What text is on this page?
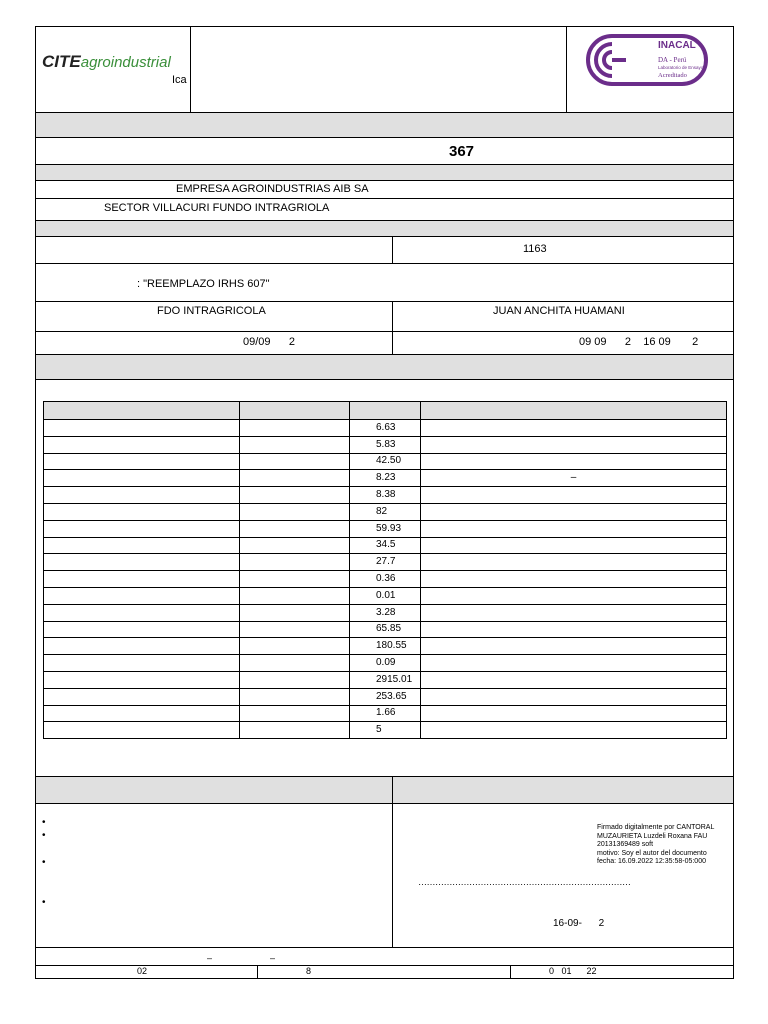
CITEagroindustrial
Ica
INACAL
DA - Perú
Laboratorio de Ensayo
Acreditado
367
EMPRESA AGROINDUSTRIAS AIB SA
SECTOR VILLACURI FUNDO INTRAGRIOLA
1163
: "REEMPLAZO IRHS 607"
FDO INTRAGRICOLA	JUAN ANCHITA HUAMANI
09/09      2	09 09      2    16 09       2

		6.63	
		5.83	
		42.50	
		8.23	–
		8.38	
		82	
		59.93	
		34.5	
		27.7	
		0.36	
		0.01	
		3.28	
		65.85	
		180.55	
		0.09	
		2915.01	
		253.65	
		1.66	
		5	
•
•
•
•
Firmado digitalmente por CANTORAL
MUZAURIETA Luzdeli Roxana FAU
20131369489 soft
motivo: Soy el autor del documento
fecha: 16.09.2022 12:35:58-05:000
…………………………………………………………………
16-09-      2
–	–
02	8	0   01      22
